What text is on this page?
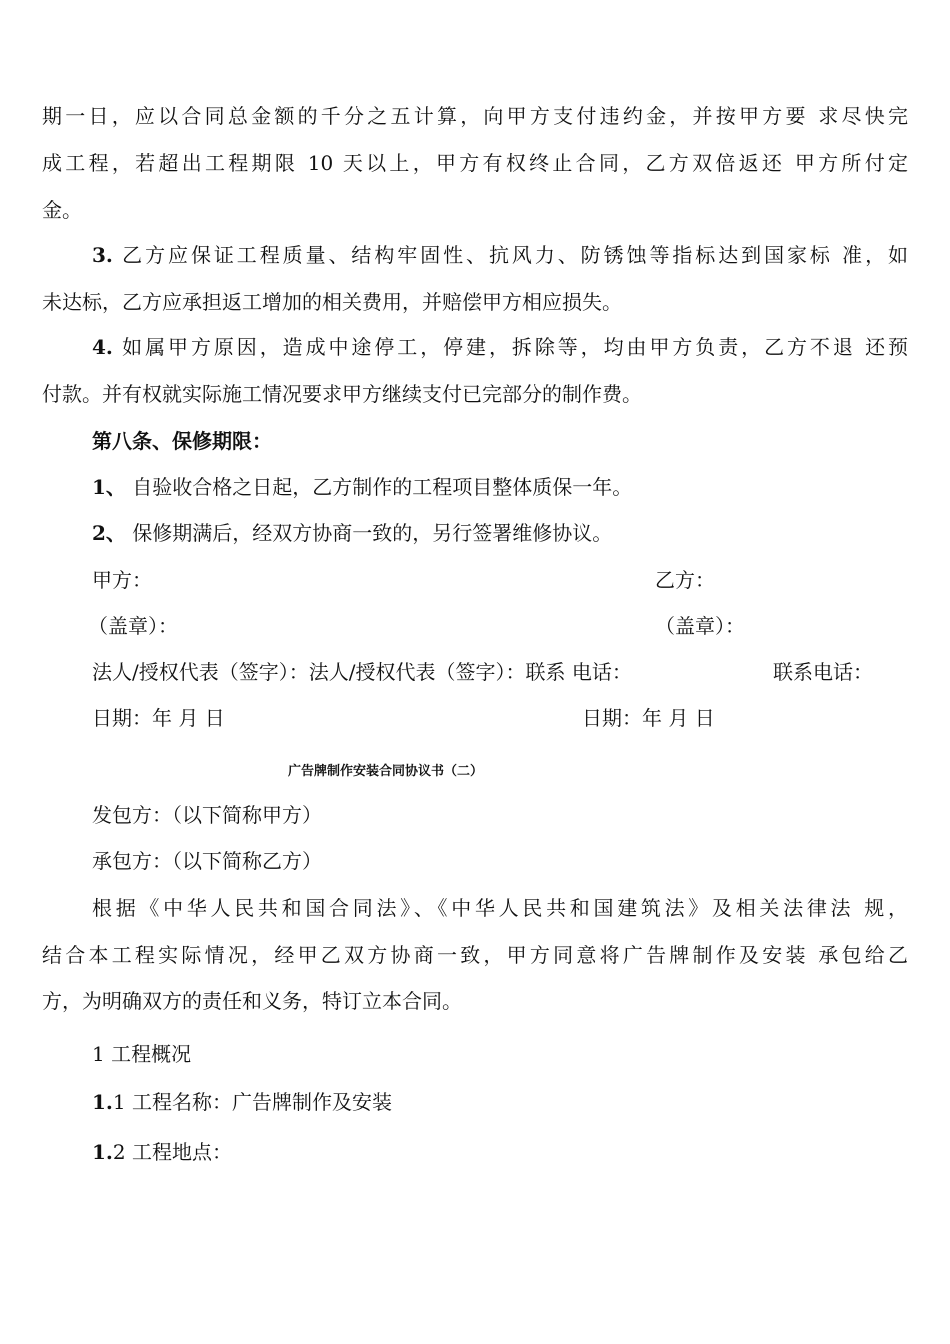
期一日，应以合同总金额的千分之五计算，向甲方支付违约金，并按甲方要 求尽快完
成工程，若超出工程期限 10 天以上，甲方有权终止合同，乙方双倍返还 甲方所付定
金。
3. 乙方应保证工程质量、结构牢固性、抗风力、防锈蚀等指标达到国家标 准，如
未达标，乙方应承担返工增加的相关费用，并赔偿甲方相应损失。
4. 如属甲方原因，造成中途停工，停建，拆除等，均由甲方负责，乙方不退 还预
付款。并有权就实际施工情况要求甲方继续支付已完部分的制作费。
第八条、保修期限：
1、 自验收合格之日起，乙方制作的工程项目整体质保一年。
2、 保修期满后，经双方协商一致的，另行签署维修协议。
甲方：	乙方：
（盖章）：	（盖章）：
法人/授权代表（签字）：法人/授权代表（签字）：联系 电话：	联系电话：
日期：年 月 日	日期：年 月 日
广告牌制作安装合同协议书（二）
发包方：（以下简称甲方）
承包方：（以下简称乙方）
根据《中华人民共和国合同法》、《中华人民共和国建筑法》及相关法律法 规，
结合本工程实际情况，经甲乙双方协商一致，甲方同意将广告牌制作及安装 承包给乙
方，为明确双方的责任和义务，特订立本合同。
1 工程概况
1.1 工程名称：广告牌制作及安装
1.2 工程地点：
